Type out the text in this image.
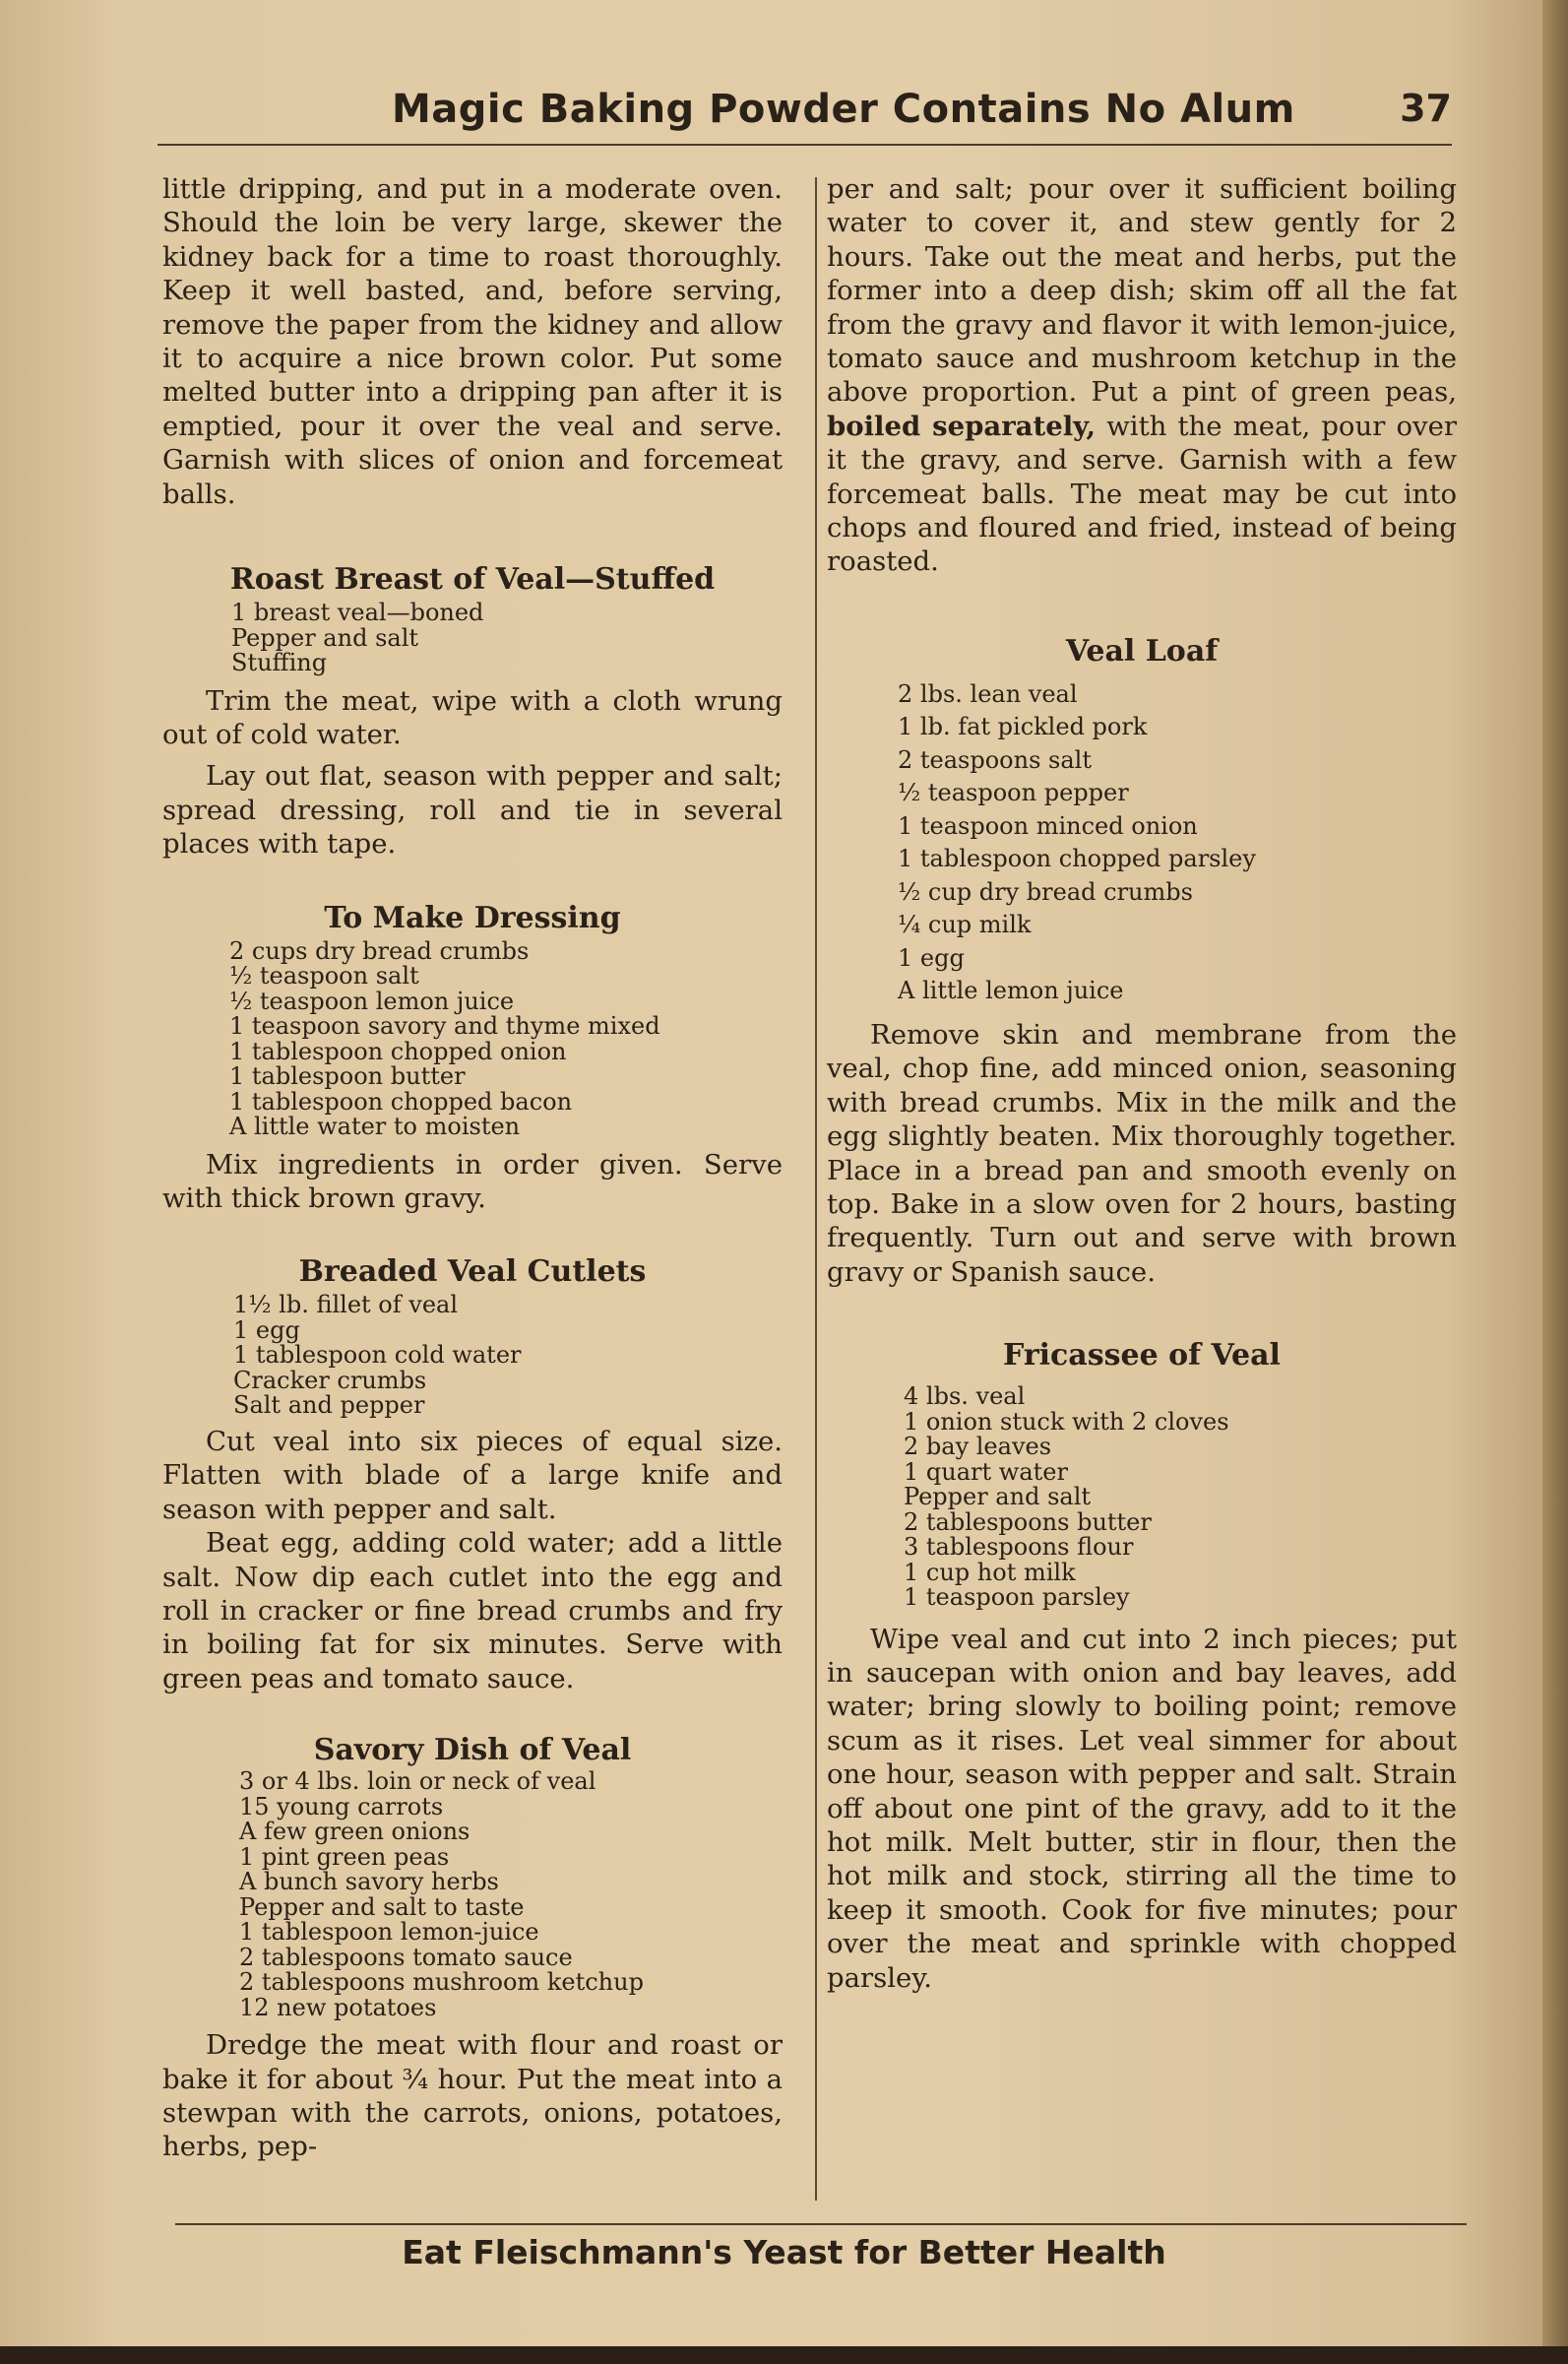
Magic Baking Powder Contains No Alum	37

little dripping, and put in a moderate oven. Should the loin be very large, skewer the kidney back for a time to roast thoroughly. Keep it well basted, and, before serving, remove the paper from the kidney and allow it to acquire a nice brown color. Put some melted butter into a dripping pan after it is emptied, pour it over the veal and serve. Garnish with slices of onion and forcemeat balls.

Roast Breast of Veal—Stuffed

1 breast veal—boned
Pepper and salt
Stuffing

Trim the meat, wipe with a cloth wrung out of cold water.

Lay out flat, season with pepper and salt; spread dressing, roll and tie in several places with tape.

To Make Dressing

2 cups dry bread crumbs
½ teaspoon salt
½ teaspoon lemon juice
1 teaspoon savory and thyme mixed
1 tablespoon chopped onion
1 tablespoon butter
1 tablespoon chopped bacon
A little water to moisten

Mix ingredients in order given. Serve with thick brown gravy.

Breaded Veal Cutlets

1½ lb. fillet of veal
1 egg
1 tablespoon cold water
Cracker crumbs
Salt and pepper

Cut veal into six pieces of equal size. Flatten with blade of a large knife and season with pepper and salt.

Beat egg, adding cold water; add a little salt. Now dip each cutlet into the egg and roll in cracker or fine bread crumbs and fry in boiling fat for six minutes. Serve with green peas and tomato sauce.

Savory Dish of Veal

3 or 4 lbs. loin or neck of veal
15 young carrots
A few green onions
1 pint green peas
A bunch savory herbs
Pepper and salt to taste
1 tablespoon lemon-juice
2 tablespoons tomato sauce
2 tablespoons mushroom ketchup
12 new potatoes

Dredge the meat with flour and roast or bake it for about ¾ hour. Put the meat into a stewpan with the carrots, onions, potatoes, herbs, pep-

per and salt; pour over it sufficient boiling water to cover it, and stew gently for 2 hours. Take out the meat and herbs, put the former into a deep dish; skim off all the fat from the gravy and flavor it with lemon-juice, tomato sauce and mushroom ketchup in the above proportion. Put a pint of green peas, boiled separately, with the meat, pour over it the gravy, and serve. Garnish with a few forcemeat balls. The meat may be cut into chops and floured and fried, instead of being roasted.

Veal Loaf

2 lbs. lean veal
1 lb. fat pickled pork
2 teaspoons salt
½ teaspoon pepper
1 teaspoon minced onion
1 tablespoon chopped parsley
½ cup dry bread crumbs
¼ cup milk
1 egg
A little lemon juice

Remove skin and membrane from the veal, chop fine, add minced onion, seasoning with bread crumbs. Mix in the milk and the egg slightly beaten. Mix thoroughly together. Place in a bread pan and smooth evenly on top. Bake in a slow oven for 2 hours, basting frequently. Turn out and serve with brown gravy or Spanish sauce.

Fricassee of Veal

4 lbs. veal
1 onion stuck with 2 cloves
2 bay leaves
1 quart water
Pepper and salt
2 tablespoons butter
3 tablespoons flour
1 cup hot milk
1 teaspoon parsley

Wipe veal and cut into 2 inch pieces; put in saucepan with onion and bay leaves, add water; bring slowly to boiling point; remove scum as it rises. Let veal simmer for about one hour, season with pepper and salt. Strain off about one pint of the gravy, add to it the hot milk. Melt butter, stir in flour, then the hot milk and stock, stirring all the time to keep it smooth. Cook for five minutes; pour over the meat and sprinkle with chopped parsley.

Eat Fleischmann's Yeast for Better Health
